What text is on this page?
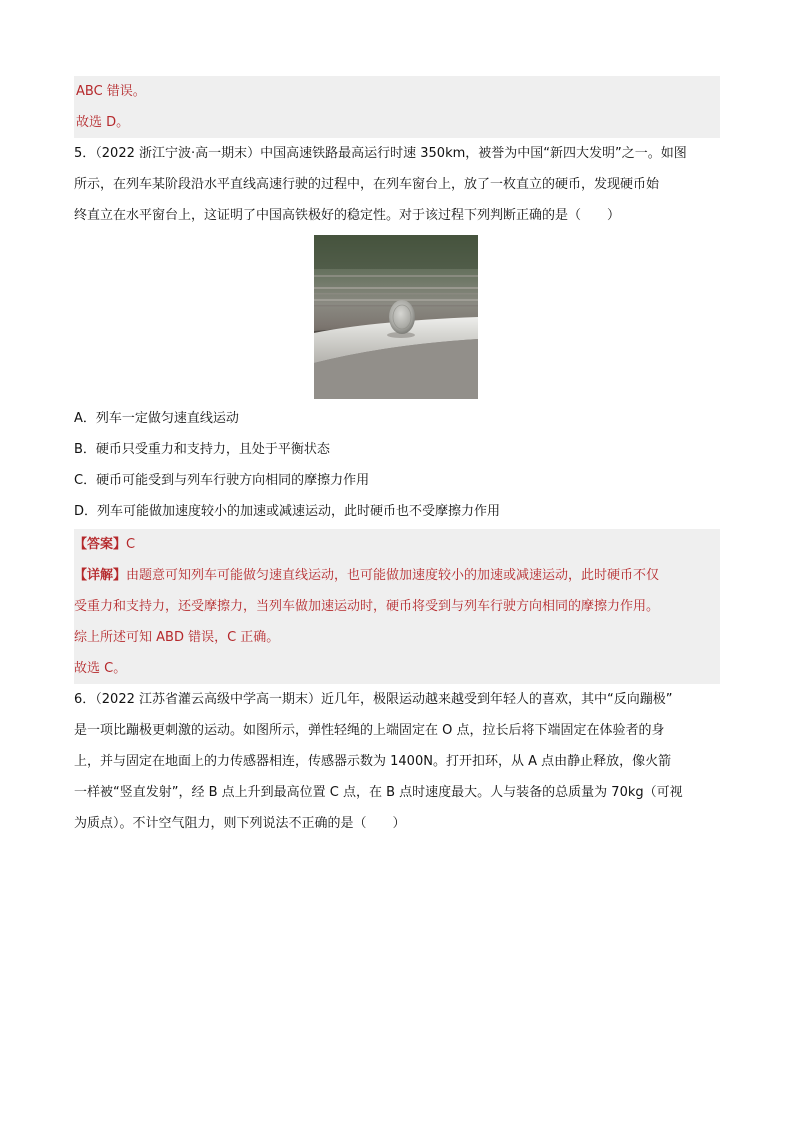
ABC 错误。
故选 D。
5．（2022 浙江宁波·高一期末）中国高速铁路最高运行时速 350km，被誉为中国“新四大发明”之一。如图
所示，在列车某阶段沿水平直线高速行驶的过程中，在列车窗台上，放了一枚直立的硬币，发现硬币始
终直立在水平窗台上，这证明了中国高铁极好的稳定性。对于该过程下列判断正确的是（　　）
A．列车一定做匀速直线运动
B．硬币只受重力和支持力，且处于平衡状态
C．硬币可能受到与列车行驶方向相同的摩擦力作用
D．列车可能做加速度较小的加速或减速运动，此时硬币也不受摩擦力作用
【答案】C
【详解】由题意可知列车可能做匀速直线运动，也可能做加速度较小的加速或减速运动，此时硬币不仅
受重力和支持力，还受摩擦力，当列车做加速运动时，硬币将受到与列车行驶方向相同的摩擦力作用。
综上所述可知 ABD 错误，C 正确。
故选 C。
6．（2022 江苏省灌云高级中学高一期末）近几年，极限运动越来越受到年轻人的喜欢，其中“反向蹦极”
是一项比蹦极更刺激的运动。如图所示，弹性轻绳的上端固定在 O 点，拉长后将下端固定在体验者的身
上，并与固定在地面上的力传感器相连，传感器示数为 1400N。打开扣环，从 A 点由静止释放，像火箭
一样被“竖直发射”，经 B 点上升到最高位置 C 点，在 B 点时速度最大。人与装备的总质量为 70kg（可视
为质点）。不计空气阻力，则下列说法不正确的是（　　）
